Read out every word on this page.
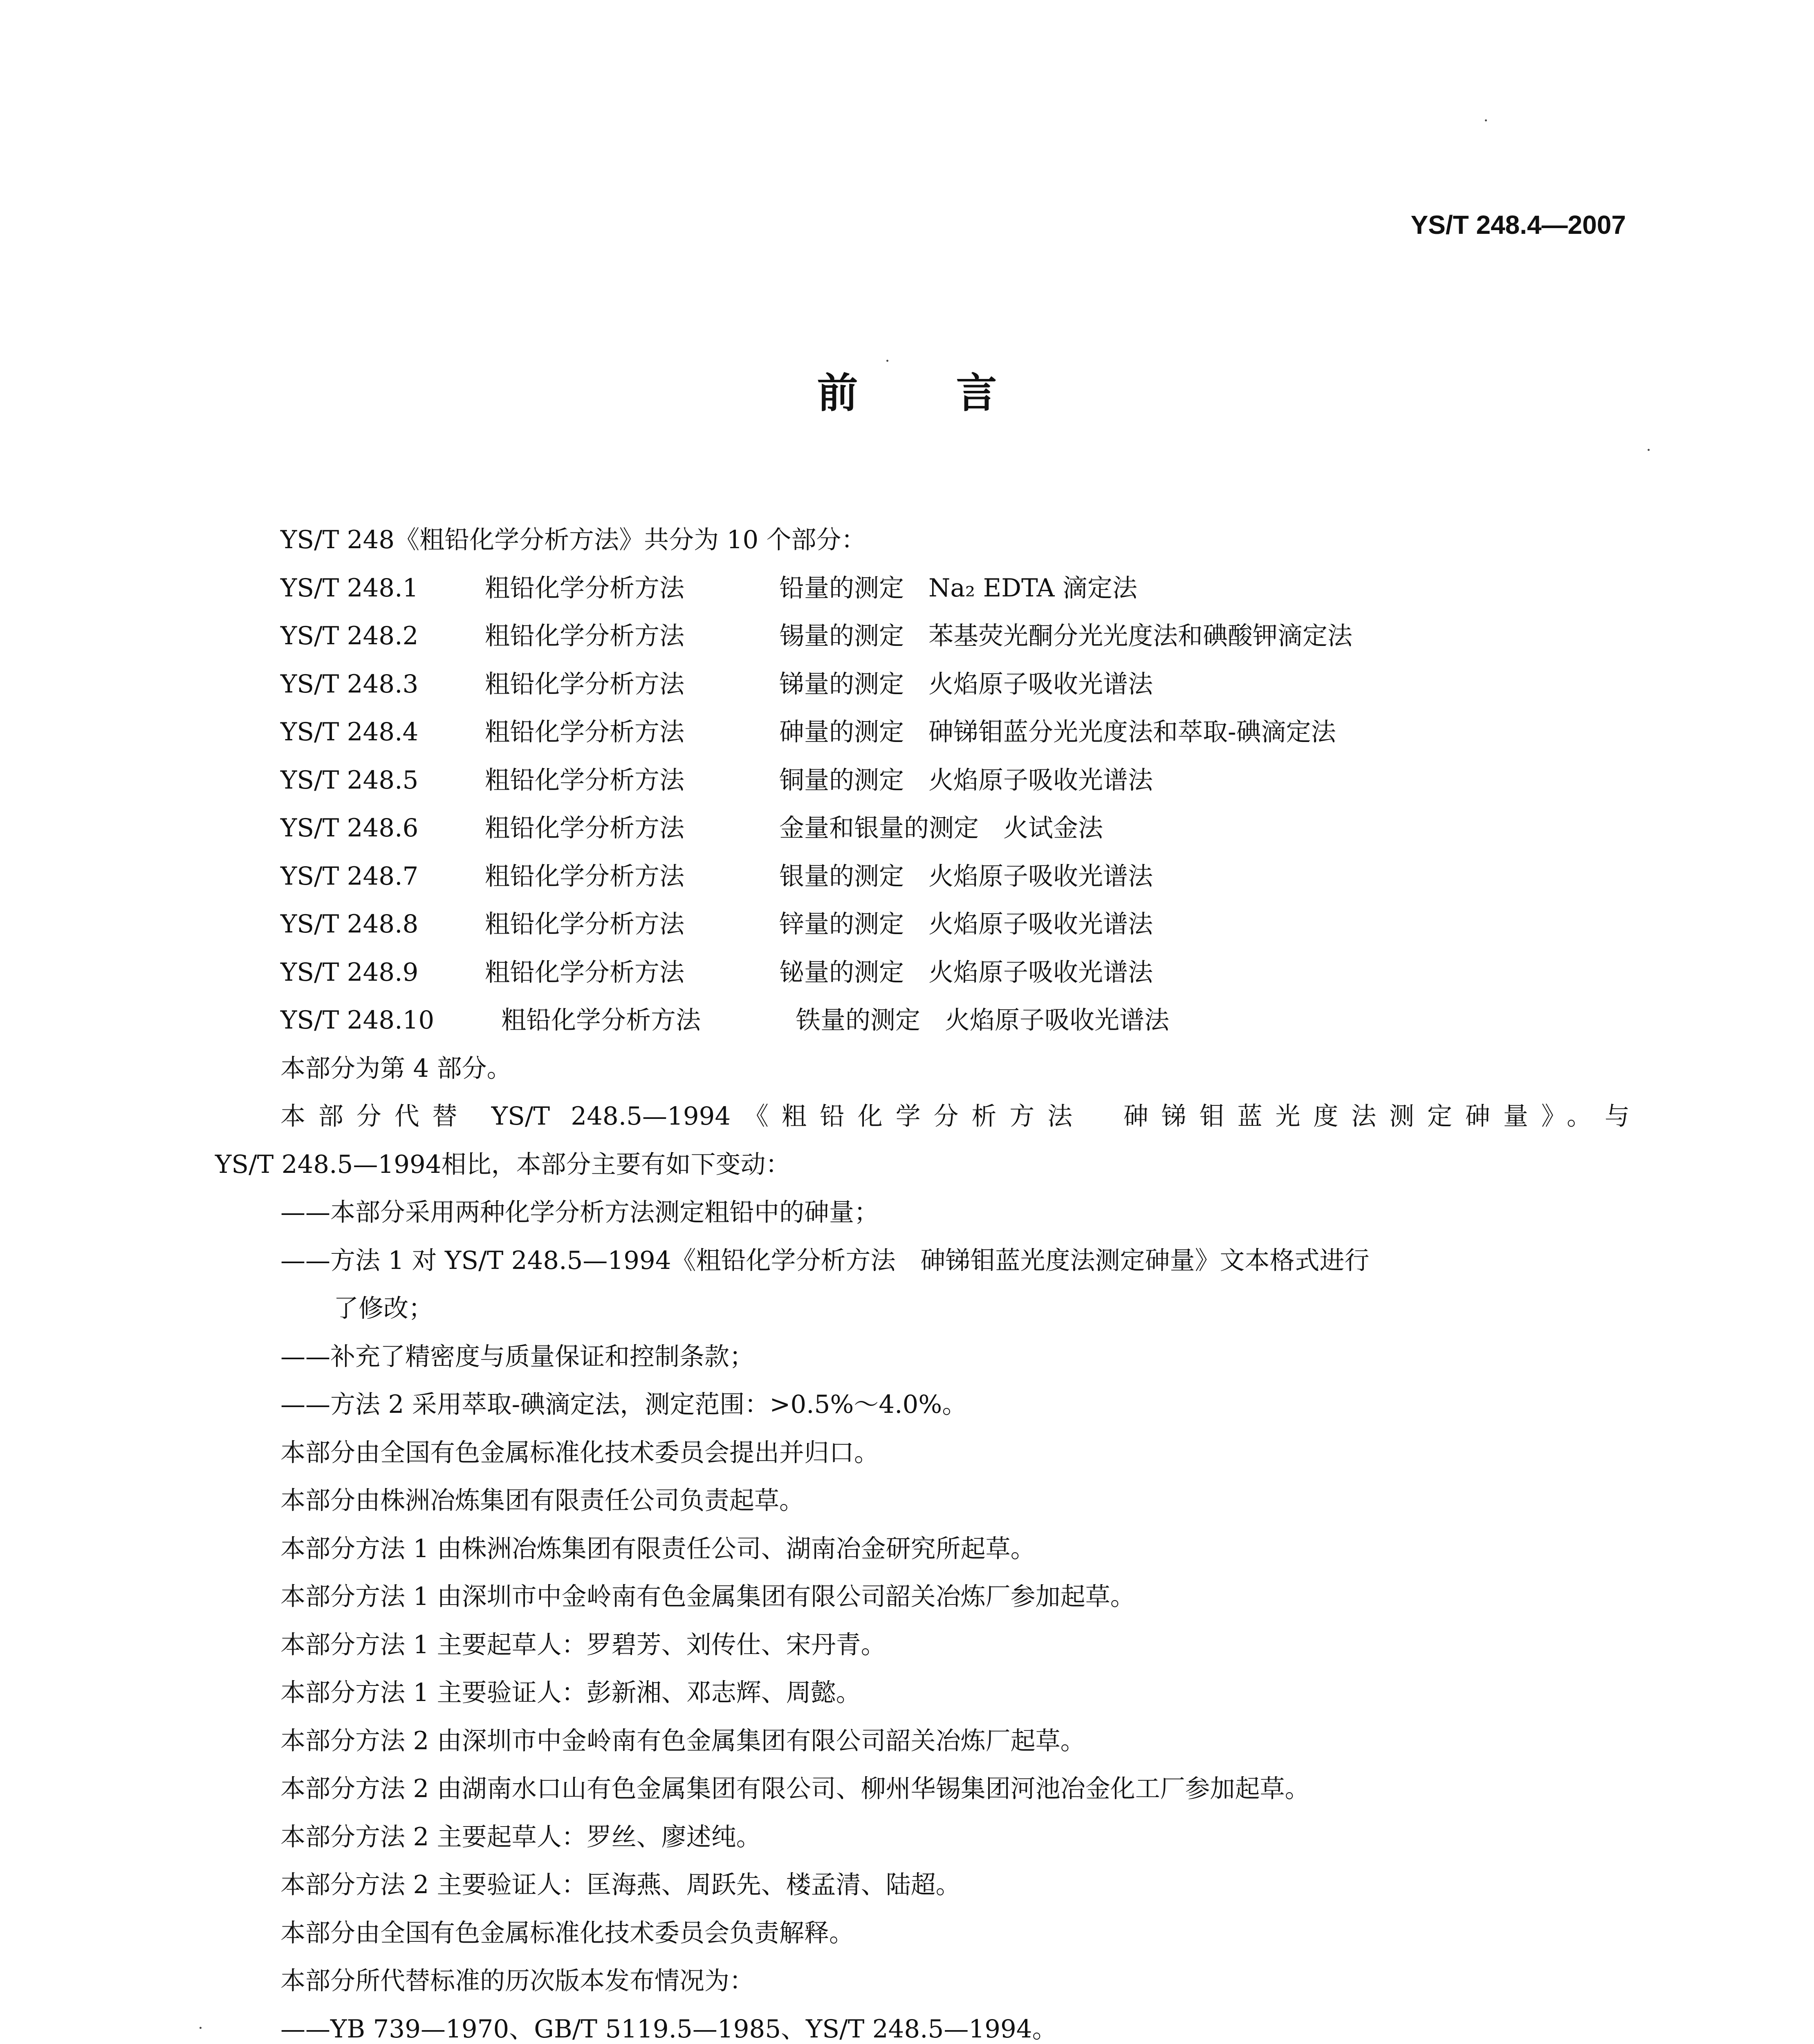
YS/T 248.4—2007
前言
YS/T 248《粗铅化学分析方法》共分为 10 个部分：
YS/T 248.1	粗铅化学分析方法	铅量的测定 Na₂ EDTA 滴定法
YS/T 248.2	粗铅化学分析方法	锡量的测定 苯基荧光酮分光光度法和碘酸钾滴定法
YS/T 248.3	粗铅化学分析方法	锑量的测定 火焰原子吸收光谱法
YS/T 248.4	粗铅化学分析方法	砷量的测定 砷锑钼蓝分光光度法和萃取-碘滴定法
YS/T 248.5	粗铅化学分析方法	铜量的测定 火焰原子吸收光谱法
YS/T 248.6	粗铅化学分析方法	金量和银量的测定 火试金法
YS/T 248.7	粗铅化学分析方法	银量的测定 火焰原子吸收光谱法
YS/T 248.8	粗铅化学分析方法	锌量的测定 火焰原子吸收光谱法
YS/T 248.9	粗铅化学分析方法	铋量的测定 火焰原子吸收光谱法
YS/T 248.10	粗铅化学分析方法	铁量的测定 火焰原子吸收光谱法
本部分为第 4 部分。
本部分代替 YS/T 248.5—1994《粗铅化学分析方法　砷锑钼蓝光度法测定砷量》。与
YS/T 248.5—1994相比，本部分主要有如下变动：
——本部分采用两种化学分析方法测定粗铅中的砷量；
——方法 1 对 YS/T 248.5—1994《粗铅化学分析方法　砷锑钼蓝光度法测定砷量》文本格式进行
了修改；
——补充了精密度与质量保证和控制条款；
——方法 2 采用萃取-碘滴定法，测定范围：>0.5%～4.0%。
本部分由全国有色金属标准化技术委员会提出并归口。
本部分由株洲冶炼集团有限责任公司负责起草。
本部分方法 1 由株洲冶炼集团有限责任公司、湖南冶金研究所起草。
本部分方法 1 由深圳市中金岭南有色金属集团有限公司韶关冶炼厂参加起草。
本部分方法 1 主要起草人：罗碧芳、刘传仕、宋丹青。
本部分方法 1 主要验证人：彭新湘、邓志辉、周懿。
本部分方法 2 由深圳市中金岭南有色金属集团有限公司韶关冶炼厂起草。
本部分方法 2 由湖南水口山有色金属集团有限公司、柳州华锡集团河池冶金化工厂参加起草。
本部分方法 2 主要起草人：罗丝、廖述纯。
本部分方法 2 主要验证人：匡海燕、周跃先、楼孟清、陆超。
本部分由全国有色金属标准化技术委员会负责解释。
本部分所代替标准的历次版本发布情况为：
——YB 739—1970、GB/T 5119.5—1985、YS/T 248.5—1994。
